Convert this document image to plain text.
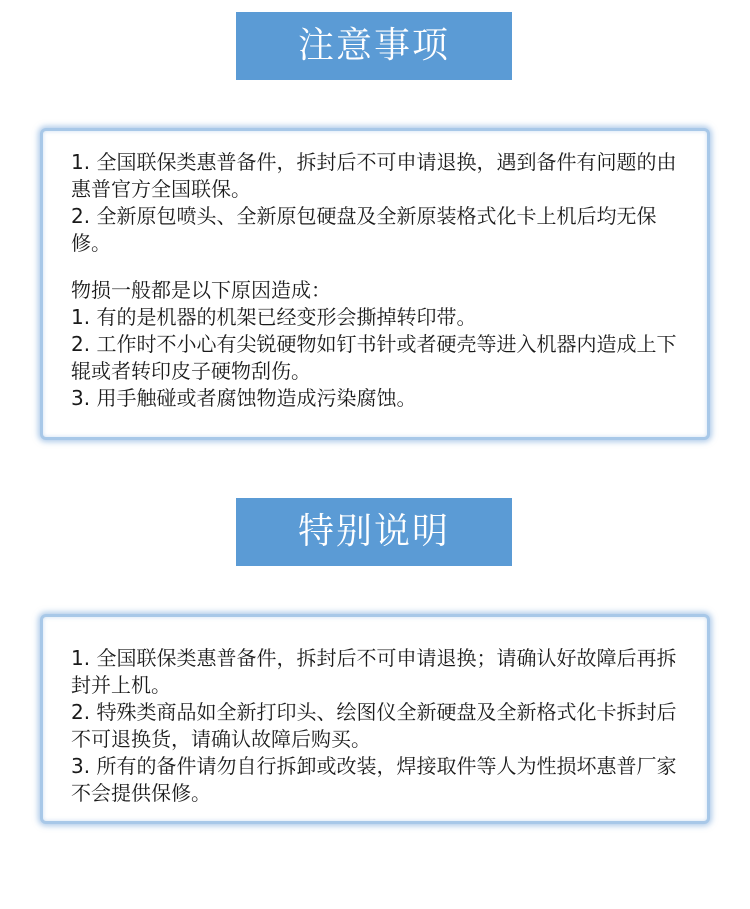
注意事项

1. 全国联保类惠普备件，拆封后不可申请退换，遇到备件有问题的由惠普官方全国联保。

2. 全新原包喷头、全新原包硬盘及全新原装格式化卡上机后均无保修。

物损一般都是以下原因造成：

1. 有的是机器的机架已经变形会撕掉转印带。

2. 工作时不小心有尖锐硬物如钉书针或者硬壳等进入机器内造成上下辊或者转印皮子硬物刮伤。

3. 用手触碰或者腐蚀物造成污染腐蚀。

特别说明

1. 全国联保类惠普备件，拆封后不可申请退换；请确认好故障后再拆封并上机。

2. 特殊类商品如全新打印头、绘图仪全新硬盘及全新格式化卡拆封后不可退换货，请确认故障后购买。

3. 所有的备件请勿自行拆卸或改装，焊接取件等人为性损坏惠普厂家  不会提供保修。
